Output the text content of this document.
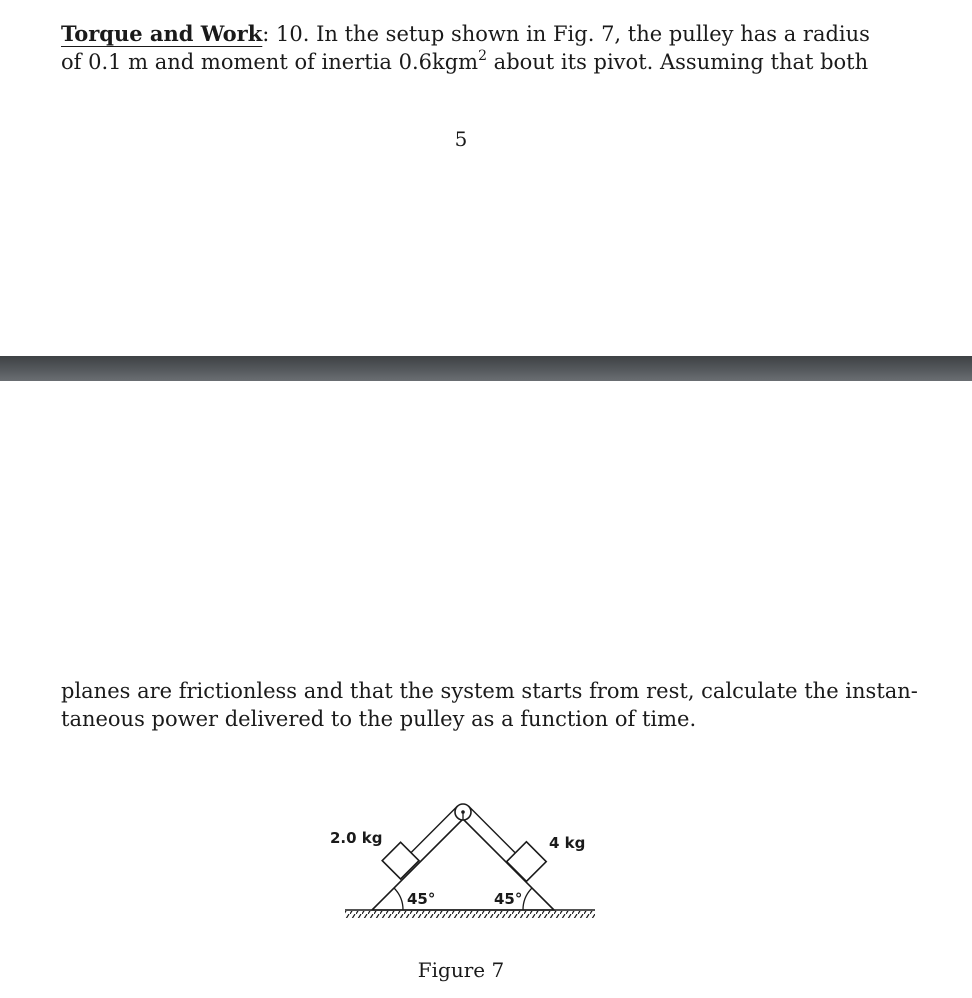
Torque and Work: 10. In the setup shown in Fig. 7, the pulley has a radius
of 0.1 m and moment of inertia 0.6kgm$^2$ about its pivot. Assuming that both
5
planes are frictionless and that the system starts from rest, calculate the instan-
taneous power delivered to the pulley as a function of time.
2.0 kg	4 kg
45°	45°
Figure 7
